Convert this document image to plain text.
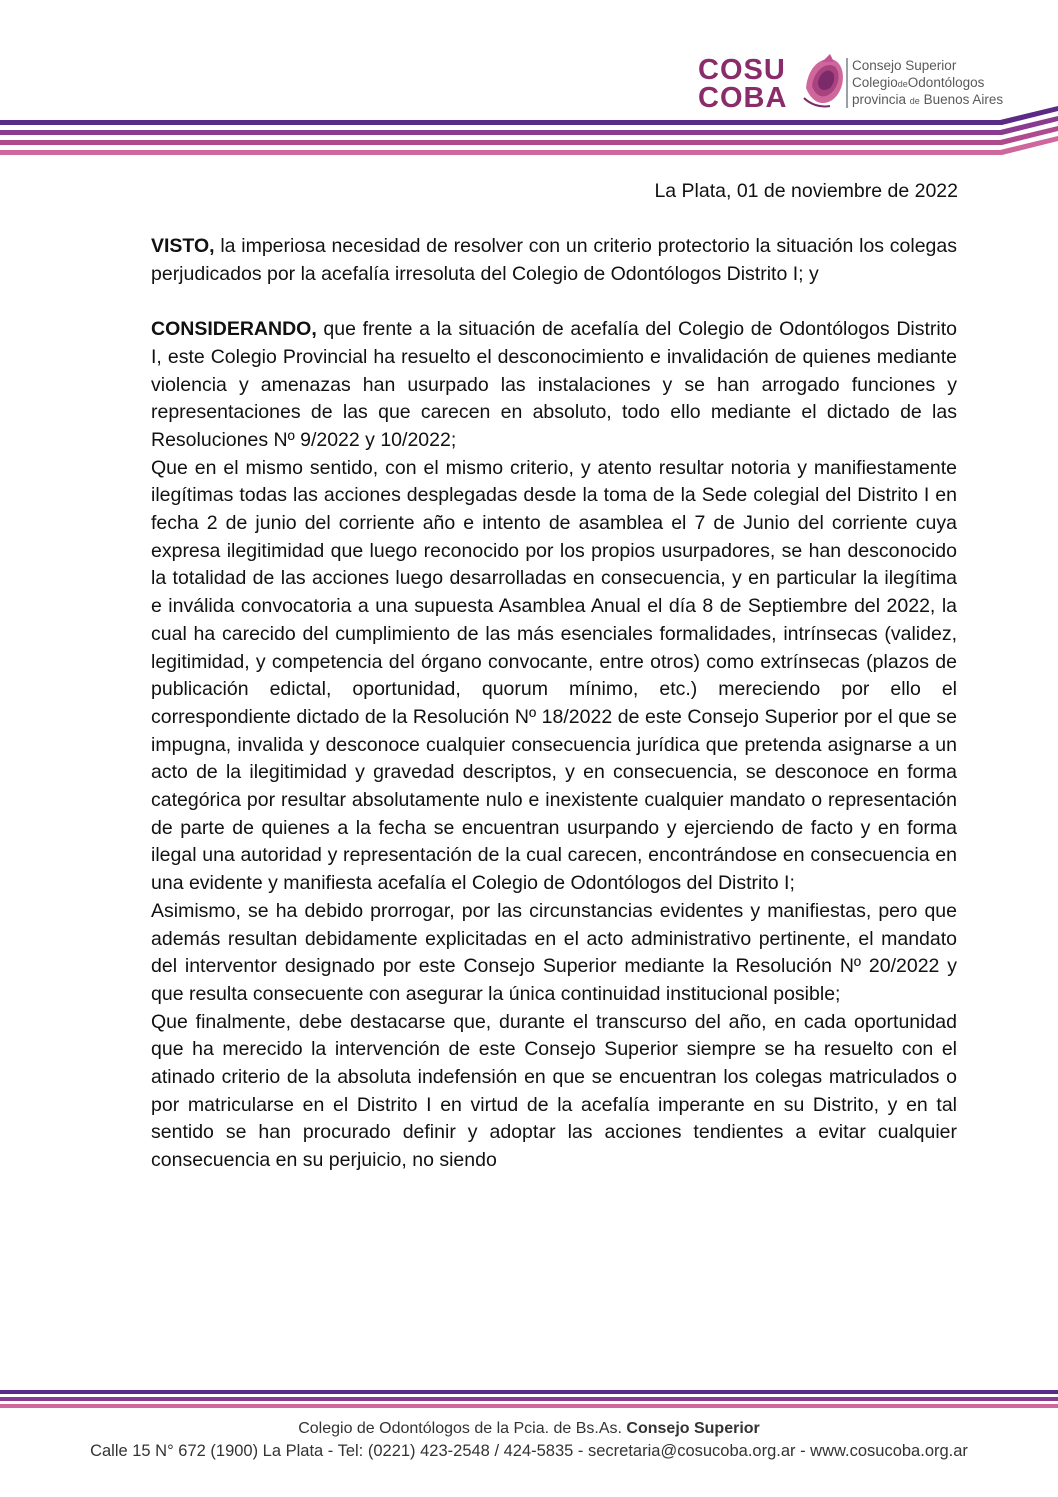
COSU
COBA
Consejo Superior
ColegiodeOdontólogos
provincia de Buenos Aires
La Plata, 01 de noviembre de 2022

VISTO, la imperiosa necesidad de resolver con un criterio protectorio la situación los colegas perjudicados por la acefalía irresoluta del Colegio de Odontólogos Distrito I; y

CONSIDERANDO, que frente a la situación de acefalía del Colegio de Odontólogos Distrito I, este Colegio Provincial ha resuelto el desconocimiento e invalidación de quienes mediante violencia y amenazas han usurpado las instalaciones y se han arrogado funciones y representaciones de las que carecen en absoluto, todo ello mediante el dictado de las Resoluciones Nº 9/2022 y 10/2022;

Que en el mismo sentido, con el mismo criterio, y atento resultar notoria y manifiestamente ilegítimas todas las acciones desplegadas desde la toma de la Sede colegial del Distrito I en fecha 2 de junio del corriente año e intento de asamblea el 7 de Junio del corriente cuya expresa ilegitimidad que luego reconocido por los propios usurpadores, se han desconocido la totalidad de las acciones luego desarrolladas en consecuencia, y en particular la ilegítima e inválida convocatoria a una supuesta Asamblea Anual el día 8 de Septiembre del 2022, la cual ha carecido del cumplimiento de las más esenciales formalidades, intrínsecas (validez, legitimidad, y competencia del órgano convocante, entre otros) como extrínsecas (plazos de publicación edictal, oportunidad, quorum mínimo, etc.) mereciendo por ello el correspondiente dictado de la Resolución Nº 18/2022 de este Consejo Superior por el que se impugna, invalida y desconoce cualquier consecuencia jurídica que pretenda asignarse a un acto de la ilegitimidad y gravedad descriptos, y en consecuencia, se desconoce en forma categórica por resultar absolutamente nulo e inexistente cualquier mandato o representación de parte de quienes a la fecha se encuentran usurpando y ejerciendo de facto y en forma ilegal una autoridad y representación de la cual carecen, encontrándose en consecuencia en una evidente y manifiesta acefalía el Colegio de Odontólogos del Distrito I;

Asimismo, se ha debido prorrogar, por las circunstancias evidentes y manifiestas, pero que además resultan debidamente explicitadas en el acto administrativo pertinente, el mandato del interventor designado por este Consejo Superior mediante la Resolución Nº 20/2022 y que resulta consecuente con asegurar la única continuidad institucional posible;

Que finalmente, debe destacarse que, durante el transcurso del año, en cada oportunidad que ha merecido la intervención de este Consejo Superior siempre se ha resuelto con el atinado criterio de la absoluta indefensión en que se encuentran los colegas matriculados o por matricularse en el Distrito I en virtud de la acefalía imperante en su Distrito, y en tal sentido se han procurado definir y adoptar las acciones tendientes a evitar cualquier consecuencia en su perjuicio, no siendo

Colegio de Odontólogos de la Pcia. de Bs.As. Consejo Superior
Calle 15 N° 672 (1900) La Plata - Tel: (0221) 423-2548 / 424-5835 - secretaria@cosucoba.org.ar - www.cosucoba.org.ar
